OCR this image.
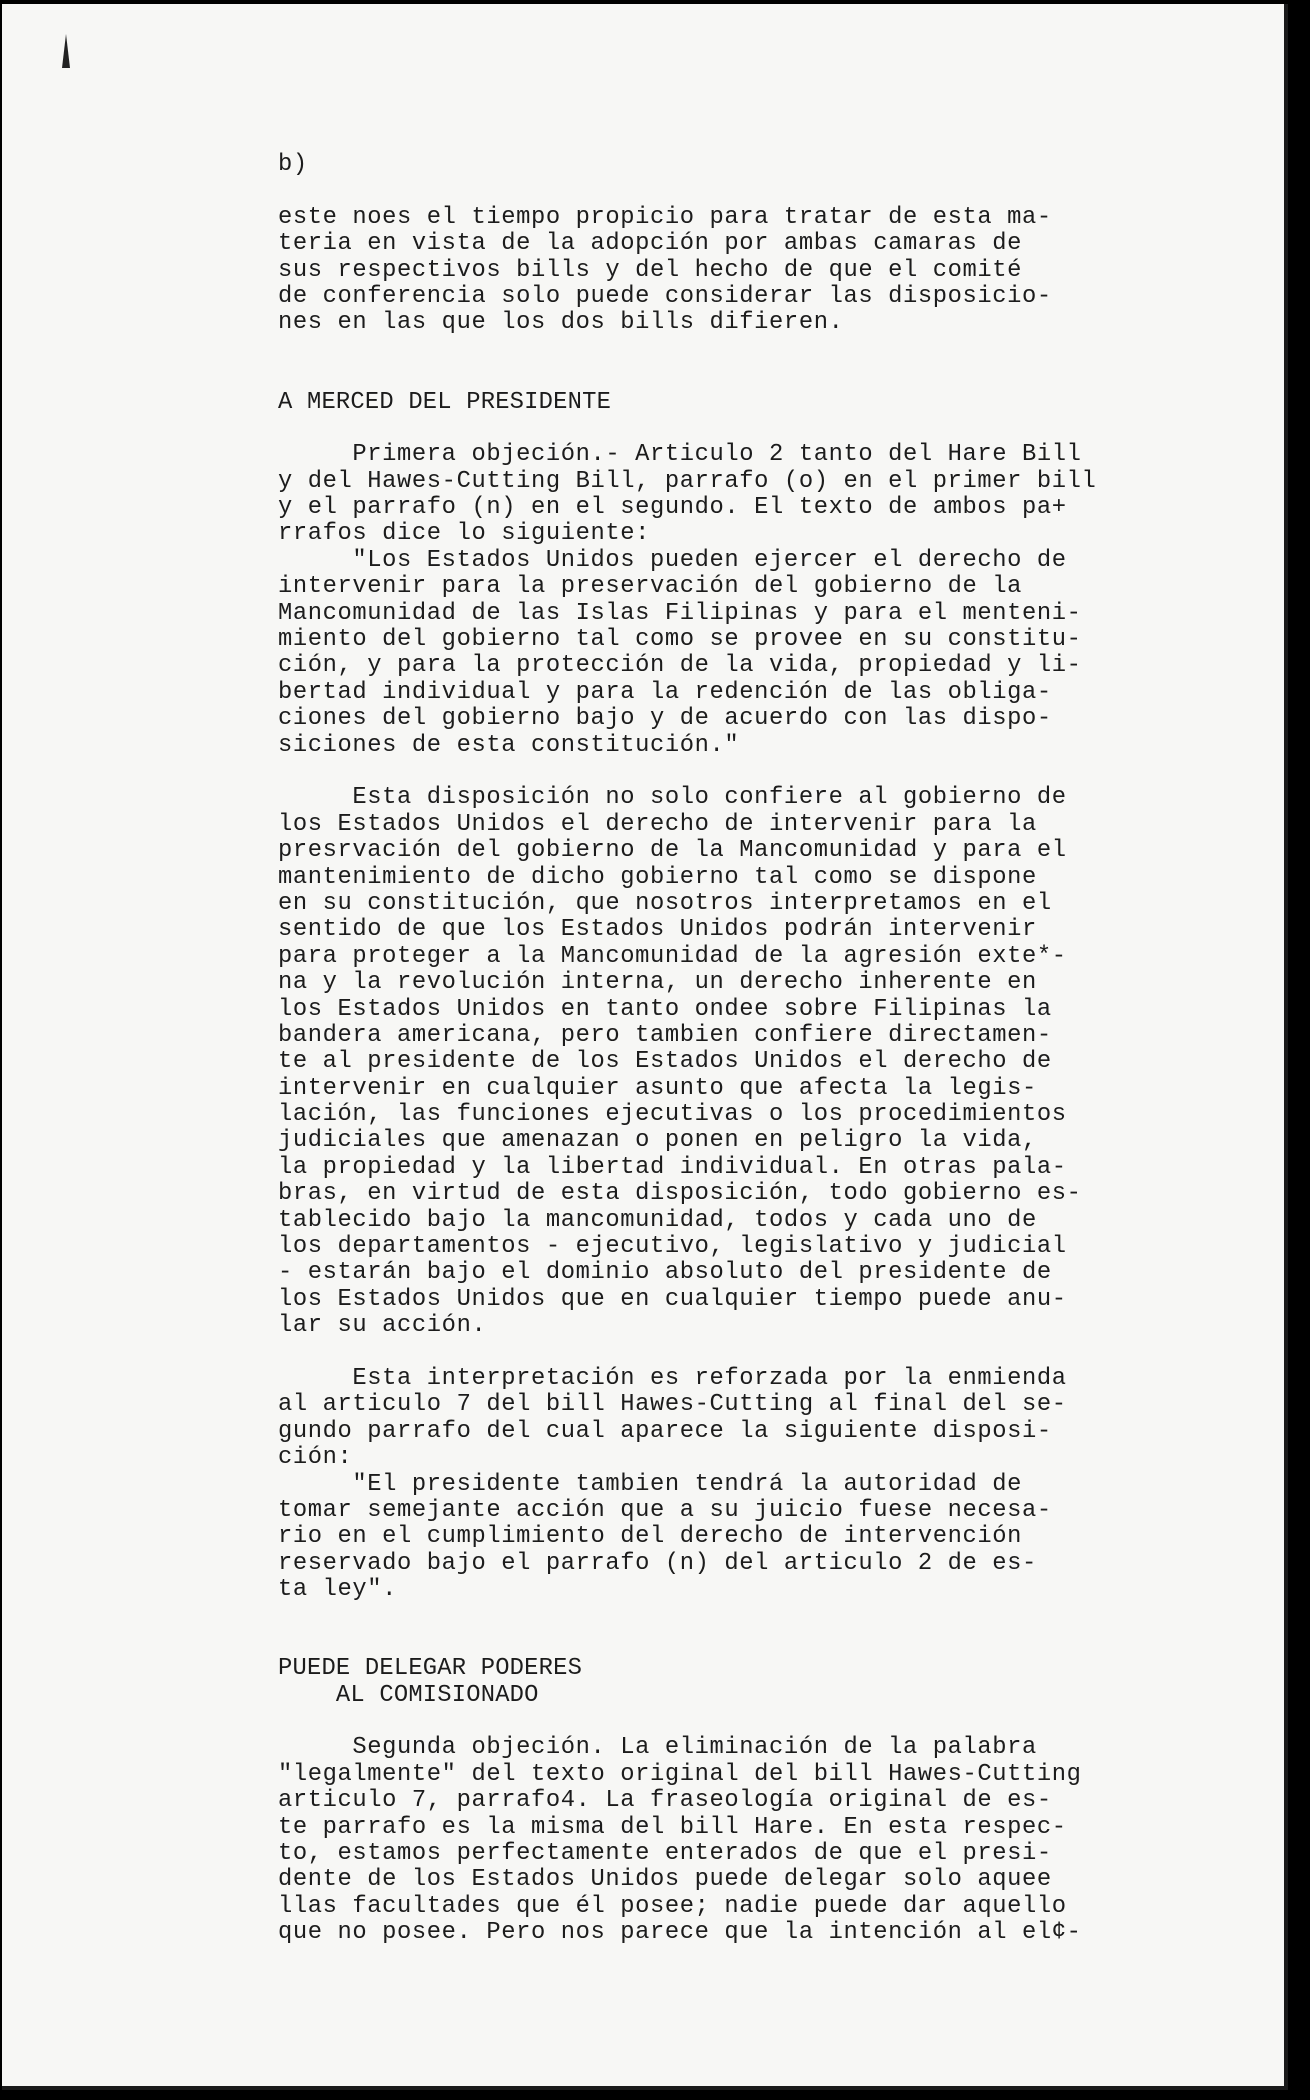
b)
este noes el tiempo propicio para tratar de esta ma-
teria en vista de la adopción por ambas camaras de
sus respectivos bills y del hecho de que el comité
de conferencia solo puede considerar las disposicio-
nes en las que los dos bills difieren.
A MERCED DEL PRESIDENTE
Primera objeción.- Articulo 2 tanto del Hare Bill
y del Hawes-Cutting Bill, parrafo (o) en el primer bill
y el parrafo (n) en el segundo. El texto de ambos pa+
rrafos dice lo siguiente:
"Los Estados Unidos pueden ejercer el derecho de
intervenir para la preservación del gobierno de la
Mancomunidad de las Islas Filipinas y para el menteni-
miento del gobierno tal como se provee en su constitu-
ción, y para la protección de la vida, propiedad y li-
bertad individual y para la redención de las obliga-
ciones del gobierno bajo y de acuerdo con las dispo-
siciones de esta constitución."
Esta disposición no solo confiere al gobierno de
los Estados Unidos el derecho de intervenir para la
presrvación del gobierno de la Mancomunidad y para el
mantenimiento de dicho gobierno tal como se dispone
en su constitución, que nosotros interpretamos en el
sentido de que los Estados Unidos podrán intervenir
para proteger a la Mancomunidad de la agresión exte*-
na y la revolución interna, un derecho inherente en
los Estados Unidos en tanto ondee sobre Filipinas la
bandera americana, pero tambien confiere directamen-
te al presidente de los Estados Unidos el derecho de
intervenir en cualquier asunto que afecta la legis-
lación, las funciones ejecutivas o los procedimientos
judiciales que amenazan o ponen en peligro la vida,
la propiedad y la libertad individual. En otras pala-
bras, en virtud de esta disposición, todo gobierno es-
tablecido bajo la mancomunidad, todos y cada uno de
los departamentos - ejecutivo, legislativo y judicial
- estarán bajo el dominio absoluto del presidente de
los Estados Unidos que en cualquier tiempo puede anu-
lar su acción.
Esta interpretación es reforzada por la enmienda
al articulo 7 del bill Hawes-Cutting al final del se-
gundo parrafo del cual aparece la siguiente disposi-
ción:
"El presidente tambien tendrá la autoridad de
tomar semejante acción que a su juicio fuese necesa-
rio en el cumplimiento del derecho de intervención
reservado bajo el parrafo (n) del articulo 2 de es-
ta ley".
PUEDE DELEGAR PODERES
AL COMISIONADO
Segunda objeción. La eliminación de la palabra
"legalmente" del texto original del bill Hawes-Cutting
articulo 7, parrafo4. La fraseología original de es-
te parrafo es la misma del bill Hare. En esta respec-
to, estamos perfectamente enterados de que el presi-
dente de los Estados Unidos puede delegar solo aquee
llas facultades que él posee; nadie puede dar aquello
que no posee. Pero nos parece que la intención al el¢-
